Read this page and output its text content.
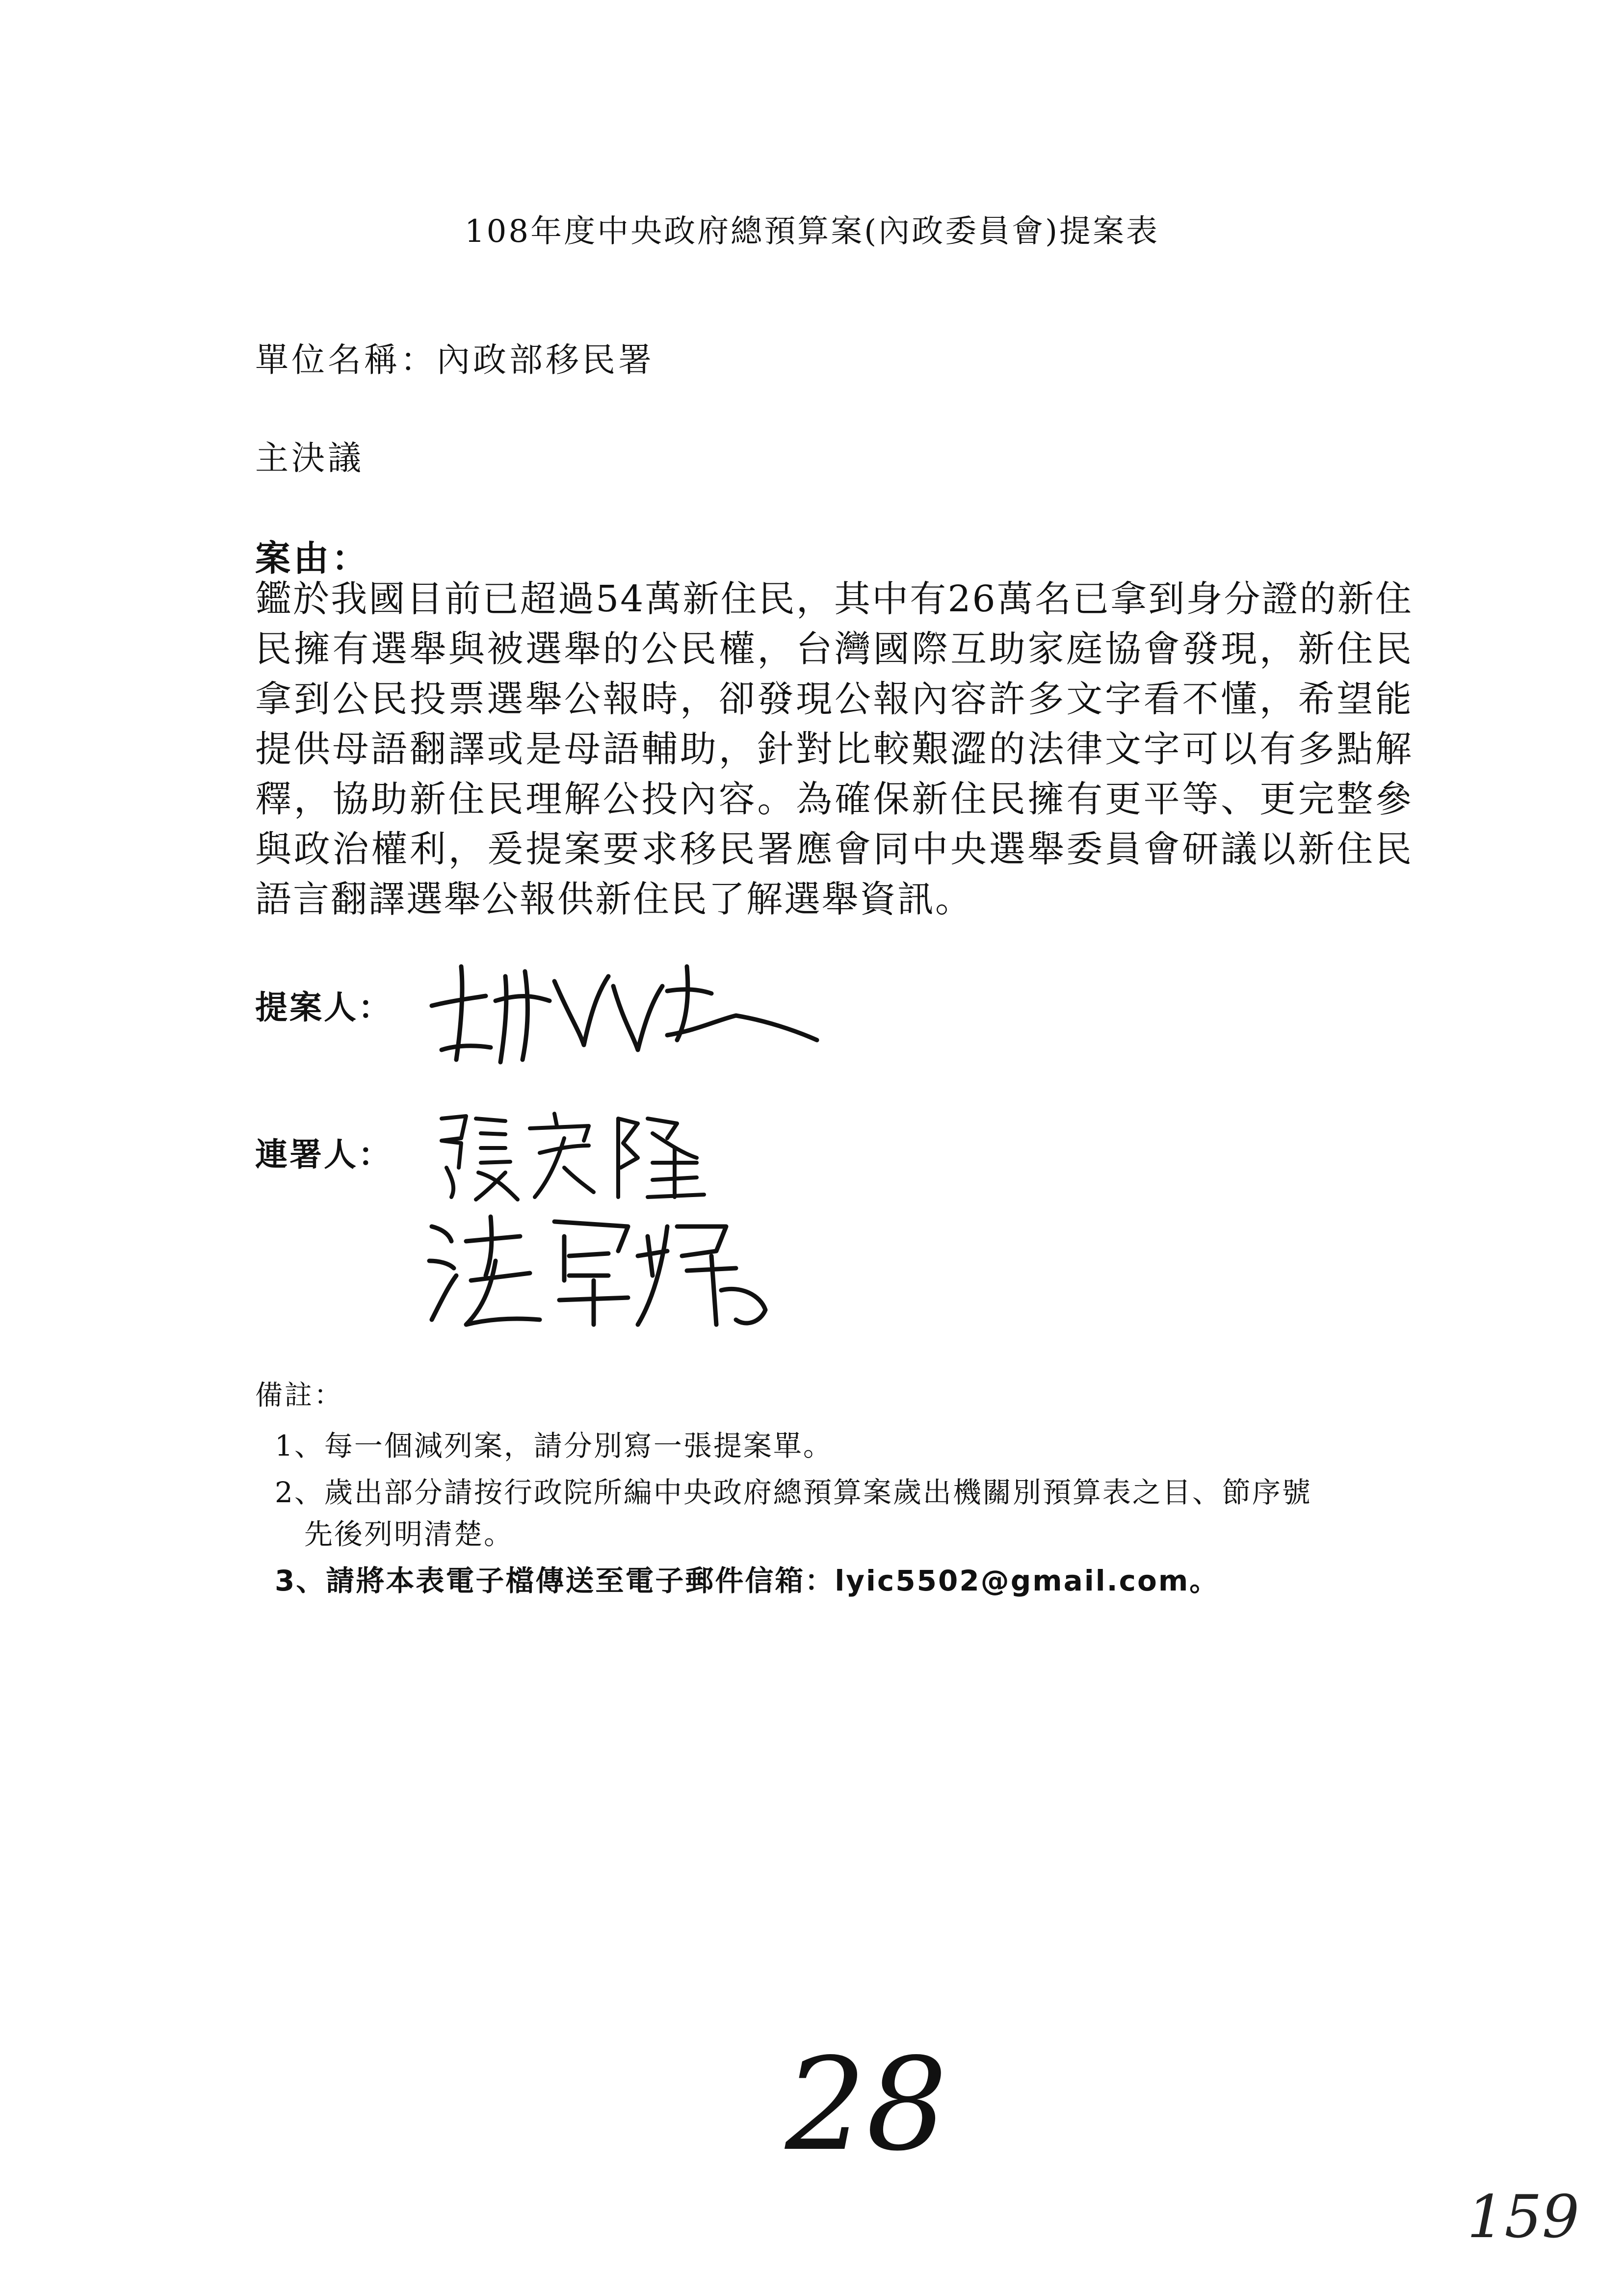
108年度中央政府總預算案(內政委員會)提案表
單位名稱：內政部移民署
主決議
案由：
鑑於我國目前已超過54萬新住民，其中有26萬名已拿到身分證的新住民擁有選舉與被選舉的公民權，台灣國際互助家庭協會發現，新住民拿到公民投票選舉公報時，卻發現公報內容許多文字看不懂，希望能提供母語翻譯或是母語輔助，針對比較艱澀的法律文字可以有多點解釋，協助新住民理解公投內容。為確保新住民擁有更平等、更完整參與政治權利，爰提案要求移民署應會同中央選舉委員會研議以新住民語言翻譯選舉公報供新住民了解選舉資訊。
提案人：
連署人：
備註：
1、每一個減列案，請分別寫一張提案單。
2、歲出部分請按行政院所編中央政府總預算案歲出機關別預算表之目、節序號
先後列明清楚。
3、請將本表電子檔傳送至電子郵件信箱：lyic5502@gmail.com。
28
159
